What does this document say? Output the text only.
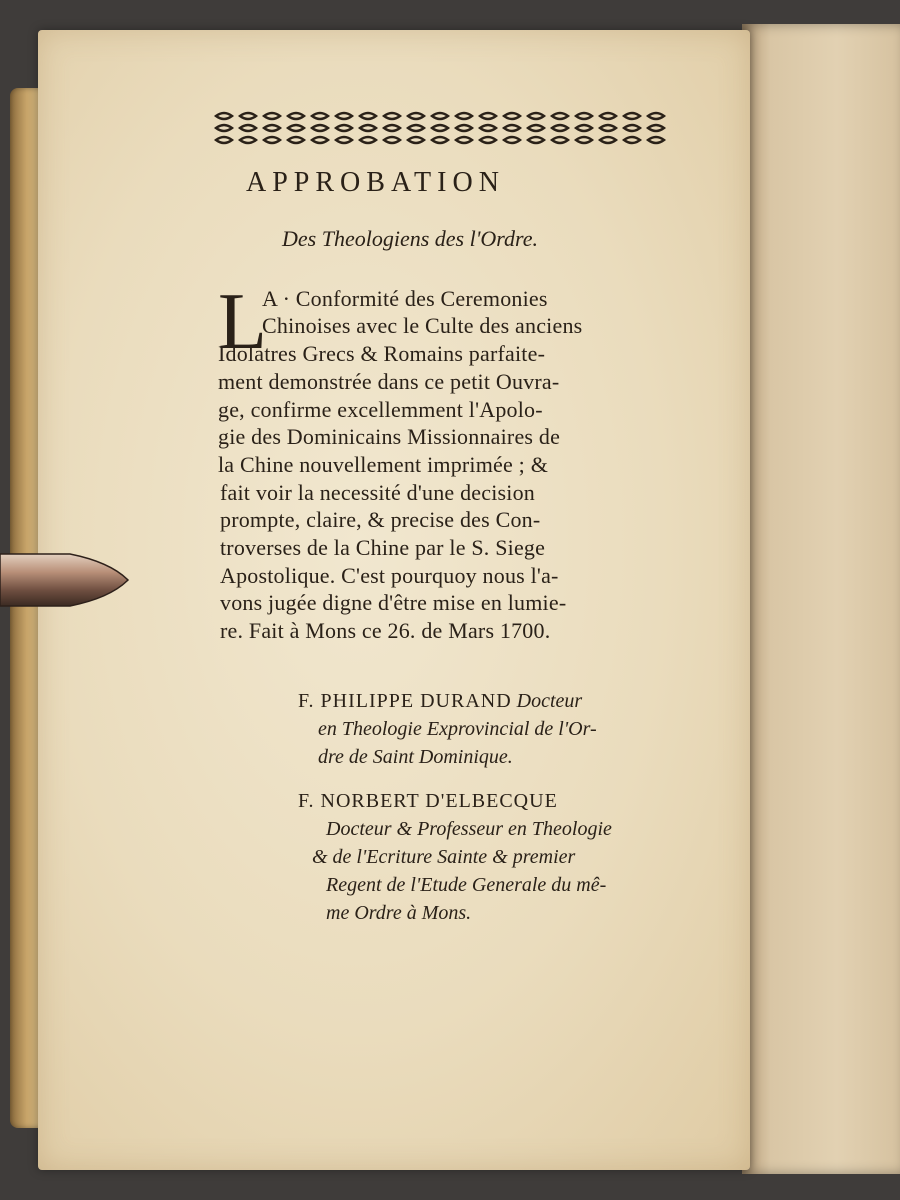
APPROBATION
Des Theologiens des l'Ordre.
L
A · Conformité des Ceremonies
Chinoises avec le Culte des anciens
Idolatres Grecs & Romains parfaite-
ment demonstrée dans ce petit Ouvra-
ge, confirme excellemment l'Apolo-
gie des Dominicains Missionnaires de
la Chine nouvellement imprimée ; &
fait voir la necessité d'une decision
prompte, claire, & precise des Con-
troverses de la Chine par le S. Siege
Apostolique. C'est pourquoy nous l'a-
vons jugée digne d'être mise en lumie-
re. Fait à Mons ce 26. de Mars 1700.
F. PHILIPPE DURAND Docteur
en Theologie Exprovincial de l'Or-
dre de Saint Dominique.
F. NORBERT D'ELBECQUE
Docteur & Professeur en Theologie
& de l'Ecriture Sainte & premier
Regent de l'Etude Generale du mê-
me Ordre à Mons.
